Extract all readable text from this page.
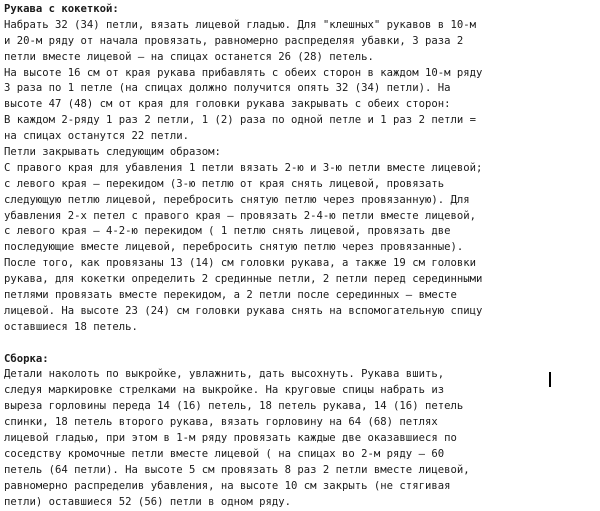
Рукава с кокеткой:
Набрать 32 (34) петли, вязать лицевой гладью. Для "клешных" рукавов в 10-м
и 20-м ряду от начала провязать, равномерно распределяя убавки, 3 раза 2
петли вместе лицевой – на спицах останется 26 (28) петель.
На высоте 16 см от края рукава прибавлять с обеих сторон в каждом 10-м ряду
3 раза по 1 петле (на спицах должно получится опять 32 (34) петли). На
высоте 47 (48) см от края для головки рукава закрывать с обеих сторон:
В каждом 2-ряду 1 раз 2 петли, 1 (2) раза по одной петле и 1 раз 2 петли =
на спицах останутся 22 петли.
Петли закрывать следующим образом:
С правого края для убавления 1 петли вязать 2-ю и 3-ю петли вместе лицевой;
с левого края – перекидом (3-ю петлю от края снять лицевой, провязать
следующую петлю лицевой, перебросить снятую петлю через провязанную). Для
убавления 2-х петел с правого края – провязать 2-4-ю петли вместе лицевой,
с левого края – 4-2-ю перекидом ( 1 петлю снять лицевой, провязать две
последующие вместе лицевой, перебросить снятую петлю через провязанные).
После того, как провязаны 13 (14) см головки рукава, а также 19 см головки
рукава, для кокетки определить 2 срединные петли, 2 петли перед серединными
петлями провязать вместе перекидом, а 2 петли после серединных – вместе
лицевой. На высоте 23 (24) см головки рукава снять на вспомогательную спицу
оставшиеся 18 петель.
Сборка:
Детали наколоть по выкройке, увлажнить, дать высохнуть. Рукава вшить,
следуя маркировке стрелками на выкройке. На круговые спицы набрать из
выреза горловины переда 14 (16) петель, 18 петель рукава, 14 (16) петель
спинки, 18 петель второго рукава, вязать горловину на 64 (68) петлях
лицевой гладью, при этом в 1-м ряду провязать каждые две оказавшиеся по
соседству кромочные петли вместе лицевой ( на спицах во 2-м ряду – 60
петель (64 петли). На высоте 5 см провязать 8 раз 2 петли вместе лицевой,
равномерно распределив убавления, на высоте 10 см закрыть (не стягивая
петли) оставшиеся 52 (56) петли в одном ряду.
